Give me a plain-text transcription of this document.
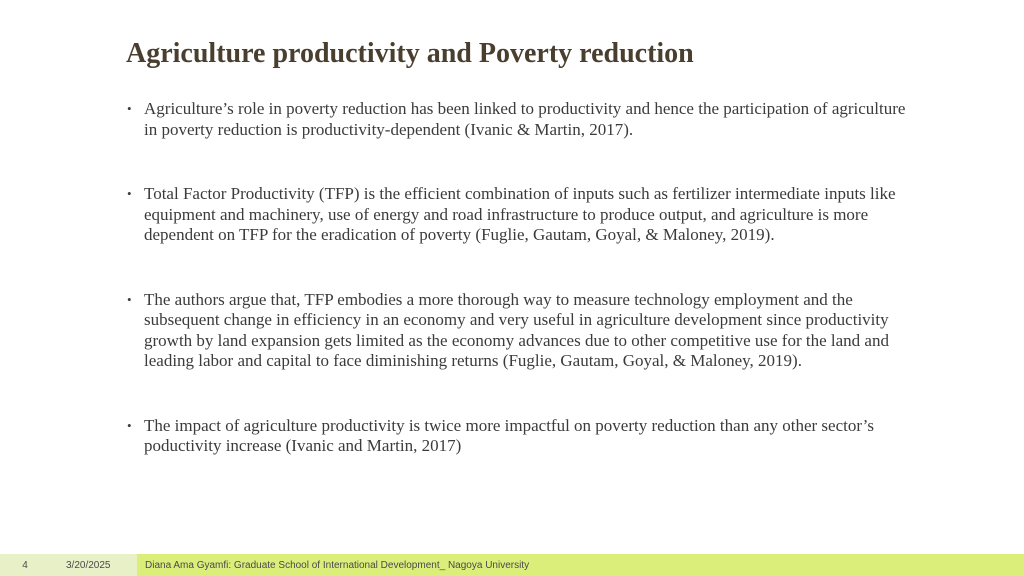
Agriculture productivity and Poverty reduction
• Agriculture’s role in poverty reduction has been linked to productivity and hence the participation of agriculture in poverty reduction is productivity-dependent (Ivanic & Martin, 2017).
• Total Factor Productivity (TFP) is the efficient combination of inputs such as fertilizer intermediate inputs like equipment and machinery, use of energy and road infrastructure to produce output, and agriculture is more dependent on TFP for the eradication of poverty (Fuglie, Gautam, Goyal, & Maloney, 2019).
• The authors argue that, TFP embodies a more thorough way to measure technology employment and the subsequent change in efficiency in an economy and very useful in agriculture development since productivity growth by land expansion gets limited as the economy advances due to other competitive use for the land and leading labor and capital to face diminishing returns (Fuglie, Gautam, Goyal, & Maloney, 2019).
• The impact of agriculture productivity is twice more impactful on poverty reduction than any other sector’s poductivity increase (Ivanic and Martin, 2017)
4	3/20/2025	Diana Ama Gyamfi: Graduate School of International Development_ Nagoya University
